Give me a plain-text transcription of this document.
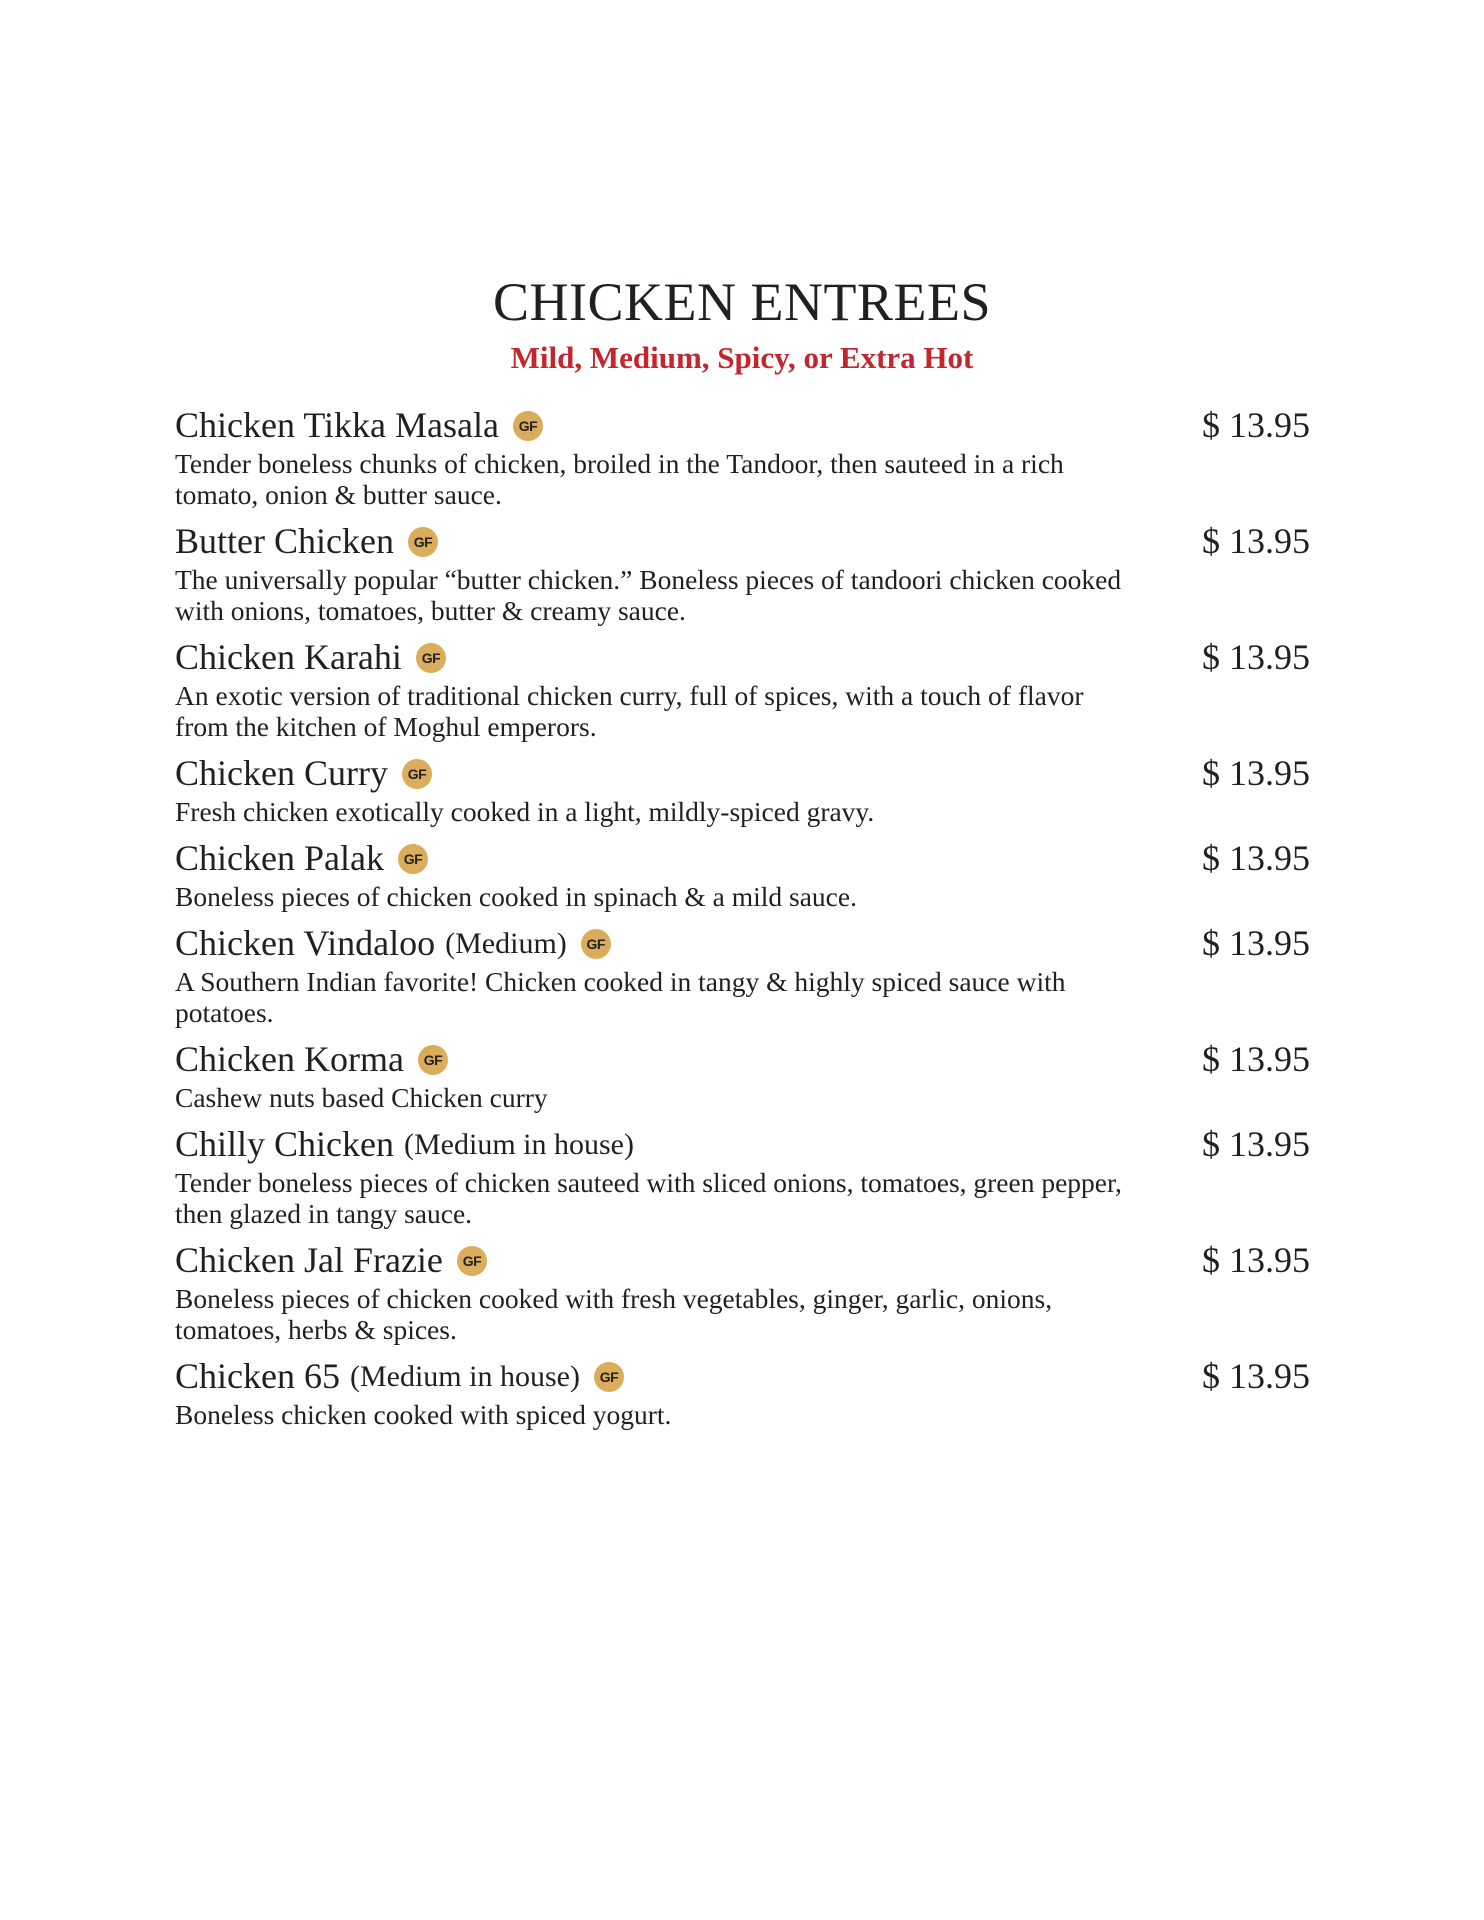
CHICKEN ENTREES
Mild, Medium, Spicy, or Extra Hot
Chicken Tikka Masala	GF	$ 13.95
Tender boneless chunks of chicken, broiled in the Tandoor, then sauteed in a rich tomato, onion & butter sauce.
Butter Chicken	GF	$ 13.95
The universally popular “butter chicken.” Boneless pieces of tandoori chicken cooked with onions, tomatoes, butter & creamy sauce.
Chicken Karahi	GF	$ 13.95
An exotic version of traditional chicken curry, full of spices, with a touch of flavor from the kitchen of Moghul emperors.
Chicken Curry	GF	$ 13.95
Fresh chicken exotically cooked in a light, mildly-spiced gravy.
Chicken Palak	GF	$ 13.95
Boneless pieces of chicken cooked in spinach & a mild sauce.
Chicken Vindaloo (Medium)	GF	$ 13.95
A Southern Indian favorite! Chicken cooked in tangy & highly spiced sauce with potatoes.
Chicken Korma	GF	$ 13.95
Cashew nuts based Chicken curry
Chilly Chicken (Medium in house)	$ 13.95
Tender boneless pieces of chicken sauteed with sliced onions, tomatoes, green pepper, then glazed in tangy sauce.
Chicken Jal Frazie	GF	$ 13.95
Boneless pieces of chicken cooked with fresh vegetables, ginger, garlic, onions, tomatoes, herbs & spices.
Chicken 65 (Medium in house)	GF	$ 13.95
Boneless chicken cooked with spiced yogurt.
